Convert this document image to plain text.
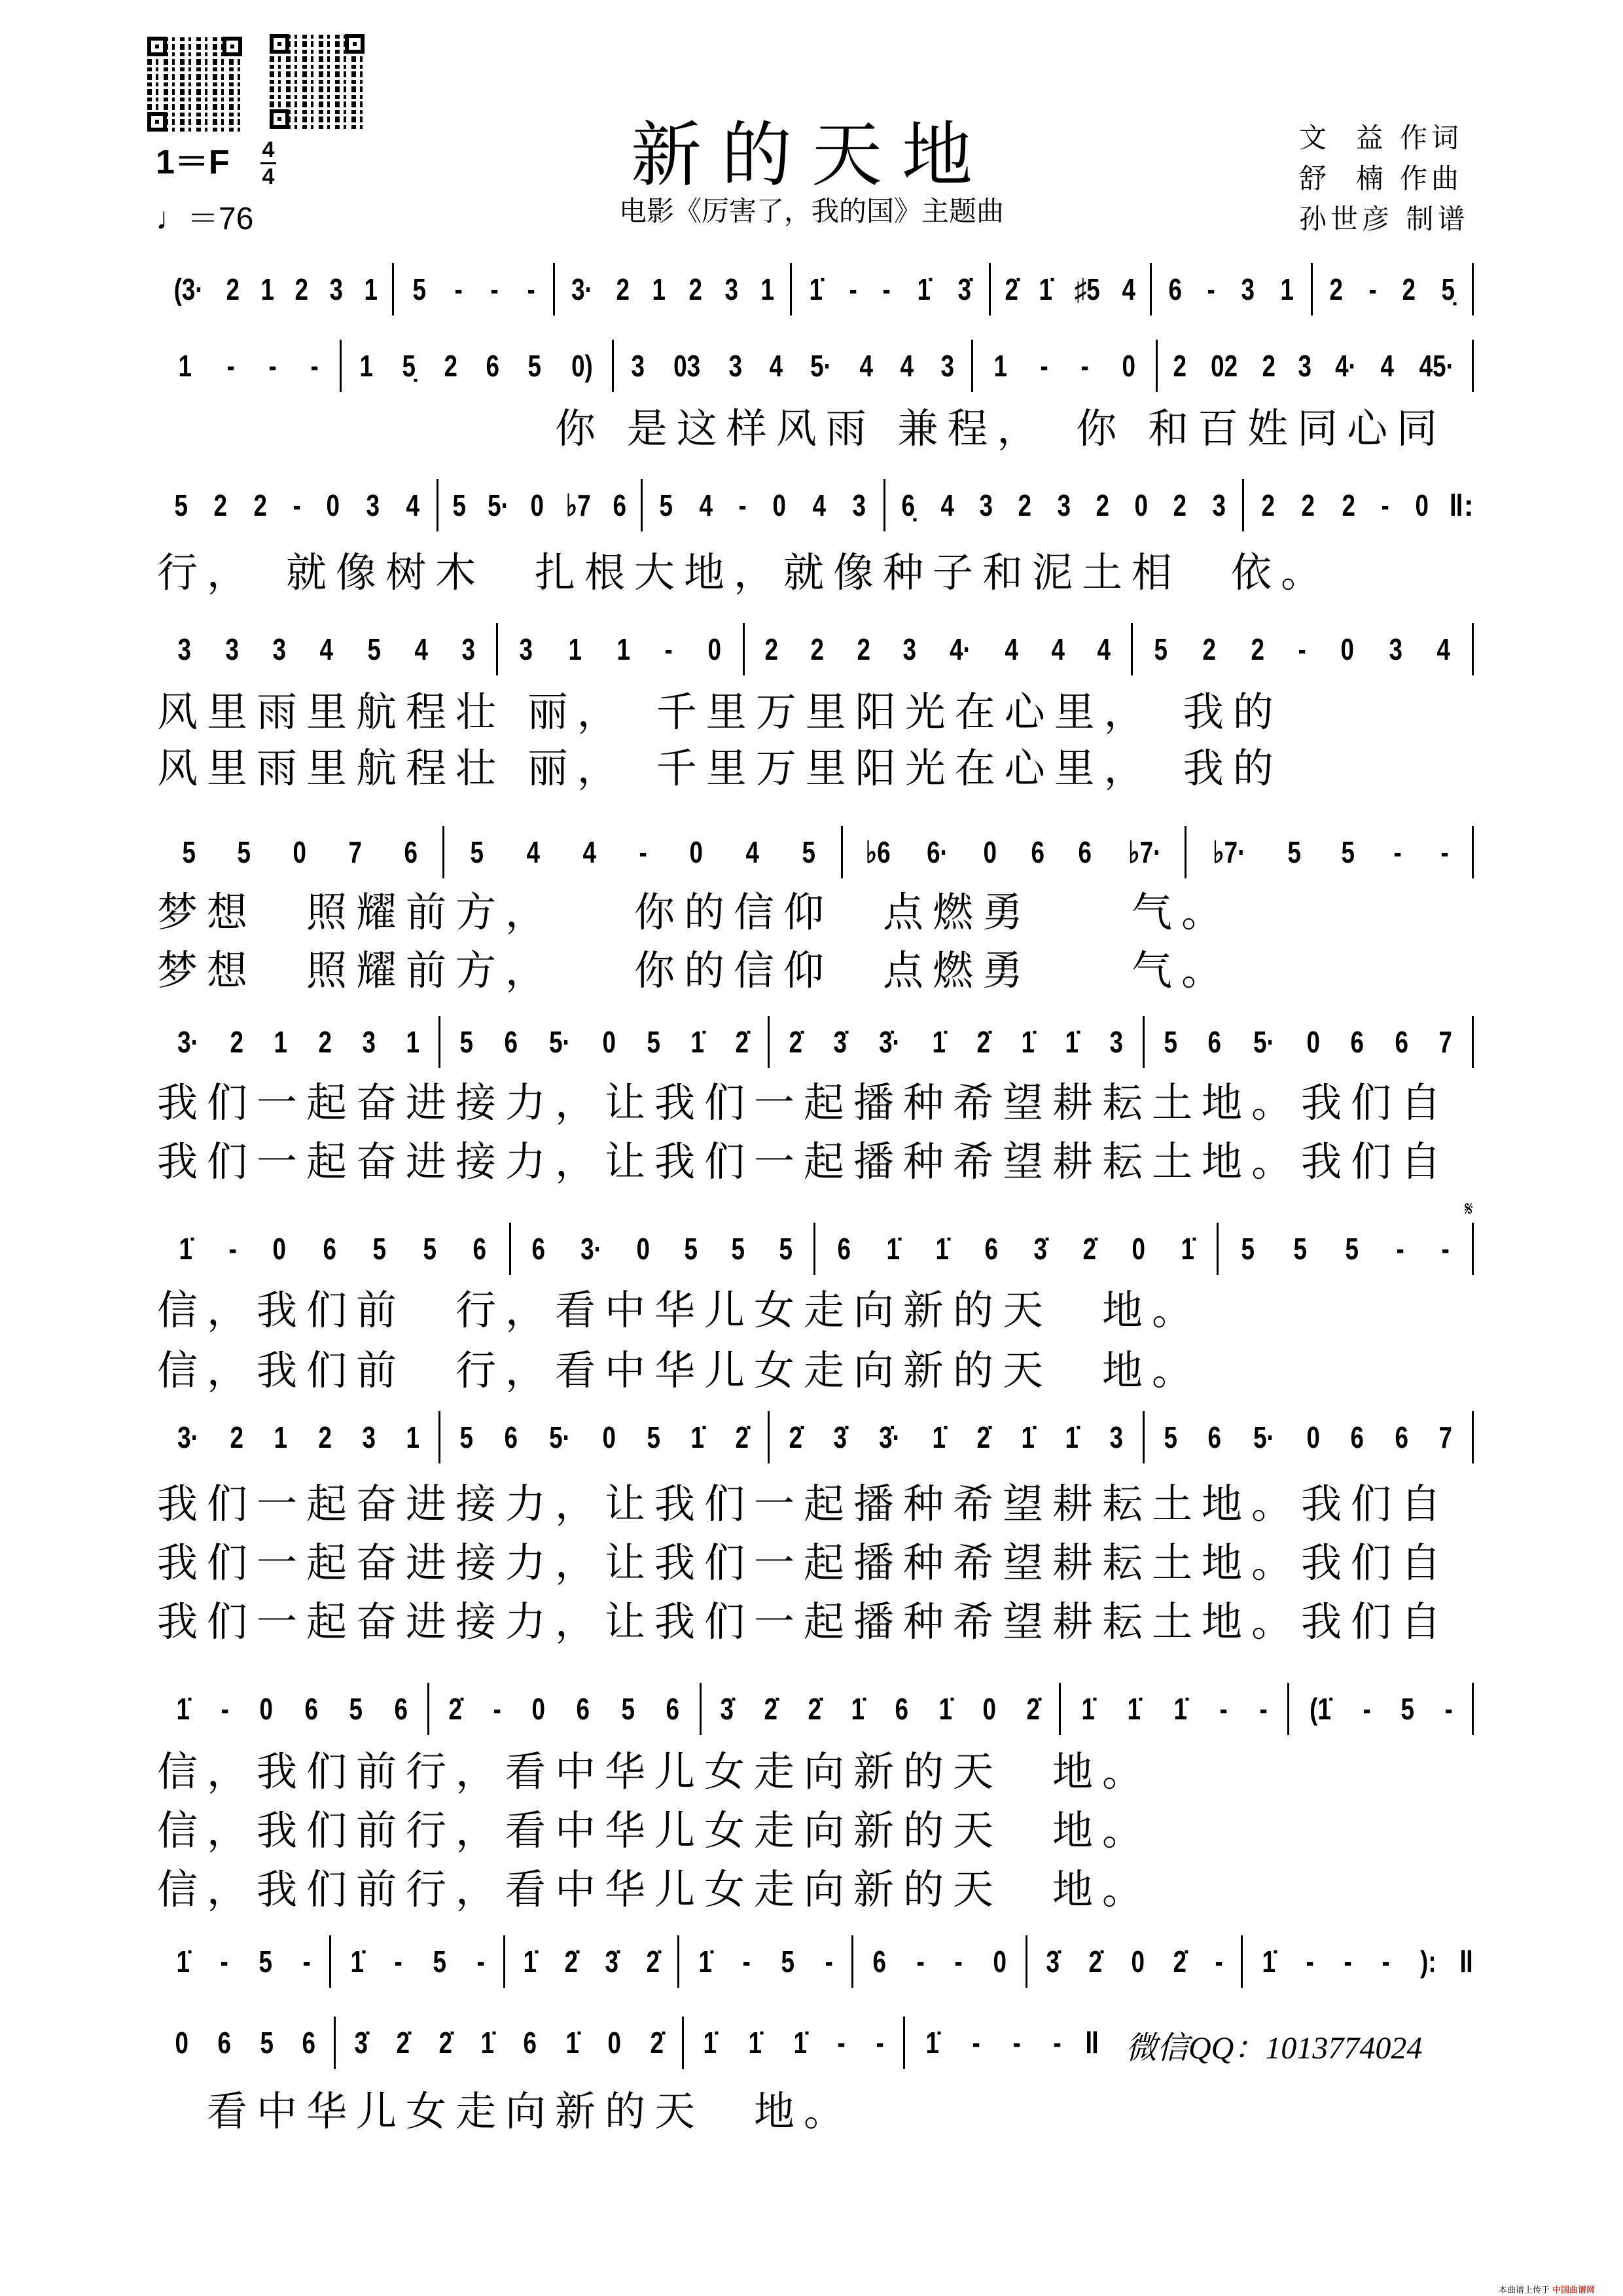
新的天地
电影《厉害了，我的国》主题曲
文  益 作词
舒  楠 作曲
孙世彦 制谱
1＝F 4
4
♩＝76
(3· 2 1 2 3 1 5 - - - 3· 2 1 2 3 1 1̇ - - 1̇ 3̇ 2̇ 1̇ ♯5 4 6 - 3 1 2 - 2 5̣
1 - - - 1 5̣ 2 6 5 0) 3 03 3 4 5· 4 4 3 1 - - 0 2 02 2 3 4· 4 45·
　　　　　　　　你 是这样风雨 兼程，　你 和百姓同心同
5 2 2 - 0 3 4 5 5· 0 ♭7 6 5 4 - 0 4 3 6̣ 4 3 2 3 2 0 2 3 2 2 2 - 0 ‖:
行，　就像树木　扎根大地，就像种子和泥土相　依。
3 3 3 4 5 4 3 3 1 1 - 0 2 2 2 3 4· 4 4 4 5 2 2 - 0 3 4
风里雨里航程壮 丽，　千里万里阳光在心里，　我的
风里雨里航程壮 丽，　千里万里阳光在心里，　我的
5 5 0 7 6 5 4 4 - 0 4 5 ♭6 6· 0 6 6 ♭7· ♭7· 5 5 - -
梦想　照耀前方，　　你的信仰　点燃勇　　气。
梦想　照耀前方，　　你的信仰　点燃勇　　气。
3· 2 1 2 3 1 5 6 5· 0 5 1̇ 2̇ 2̇ 3̇ 3̇· 1̇ 2̇ 1̇ 1̇ 3 5 6 5· 0 6 6 7
我们一起奋进接力，让我们一起播种希望耕耘土地。我们自
我们一起奋进接力，让我们一起播种希望耕耘土地。我们自
1̇ - 0 6 5 5 6 6 3· 0 5 5 5 6 1̇ 1̇ 6 3̇ 2̇ 0 1̇ 5 5 5 - -
信，我们前　行，看中华儿女走向新的天　地。
信，我们前　行，看中华儿女走向新的天　地。
3· 2 1 2 3 1 5 6 5· 0 5 1̇ 2̇ 2̇ 3̇ 3̇· 1̇ 2̇ 1̇ 1̇ 3 5 6 5· 0 6 6 7
我们一起奋进接力，让我们一起播种希望耕耘土地。我们自
我们一起奋进接力，让我们一起播种希望耕耘土地。我们自
我们一起奋进接力，让我们一起播种希望耕耘土地。我们自
1̇ - 0 6 5 6 2̇ - 0 6 5 6 3̇ 2̇ 2̇ 1̇ 6 1̇ 0 2̇ 1̇ 1̇ 1̇ - - (1̇ - 5 -
信，我们前行，看中华儿女走向新的天　地。
信，我们前行，看中华儿女走向新的天　地。
信，我们前行，看中华儿女走向新的天　地。
1̇ - 5 - 1̇ - 5 - 1̇ 2̇ 3̇ 2̇ 1̇ - 5 - 6 - - 0 3̇ 2̇ 0 2̇ - 1̇ - - - ): ‖
0 6 5 6 3̇ 2̇ 2̇ 1̇ 6 1̇ 0 2̇ 1̇ 1̇ 1̇ - - 1̇ - - - ‖
　看中华儿女走向新的天　地。
𝄋
微信QQ：1013774024
本曲谱上传于 中国曲谱网
